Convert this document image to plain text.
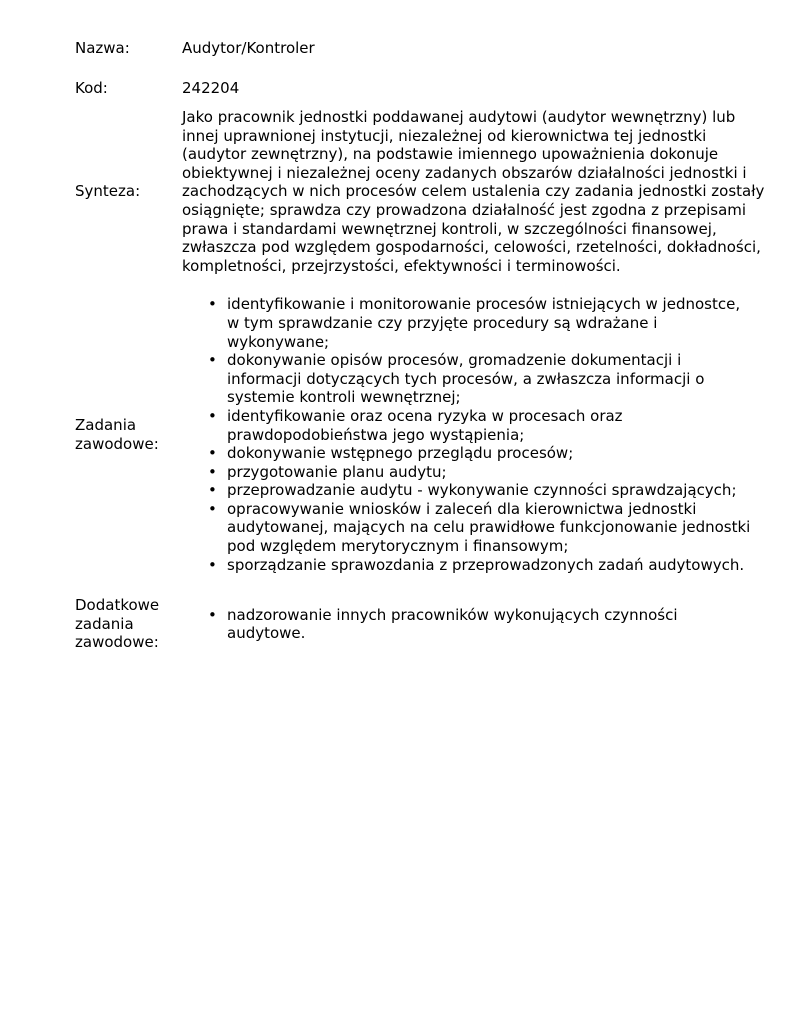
Nazwa:	Audytor/Kontroler
Kod:	242204
Synteza:
Jako pracownik jednostki poddawanej audytowi (audytor wewnętrzny) lub innej uprawnionej instytucji, niezależnej od kierownictwa tej jednostki (audytor zewnętrzny), na podstawie imiennego upoważnienia dokonuje obiektywnej i niezależnej oceny zadanych obszarów działalności jednostki i zachodzących w nich procesów celem ustalenia czy zadania jednostki zostały osiągnięte; sprawdza czy prowadzona działalność jest zgodna z przepisami prawa i standardami wewnętrznej kontroli, w szczególności finansowej, zwłaszcza pod względem gospodarności, celowości, rzetelności, dokładności, kompletności, przejrzystości, efektywności i terminowości.
Zadania zawodowe:
• identyfikowanie i monitorowanie procesów istniejących w jednostce, w tym sprawdzanie czy przyjęte procedury są wdrażane i wykonywane;
• dokonywanie opisów procesów, gromadzenie dokumentacji i informacji dotyczących tych procesów, a zwłaszcza informacji o systemie kontroli wewnętrznej;
• identyfikowanie oraz ocena ryzyka w procesach oraz prawdopodobieństwa jego wystąpienia;
• dokonywanie wstępnego przeglądu procesów;
• przygotowanie planu audytu;
• przeprowadzanie audytu - wykonywanie czynności sprawdzających;
• opracowywanie wniosków i zaleceń dla kierownictwa jednostki audytowanej, mających na celu prawidłowe funkcjonowanie jednostki pod względem merytorycznym i finansowym;
• sporządzanie sprawozdania z przeprowadzonych zadań audytowych.
Dodatkowe zadania zawodowe:
• nadzorowanie innych pracowników wykonujących czynności audytowe.
